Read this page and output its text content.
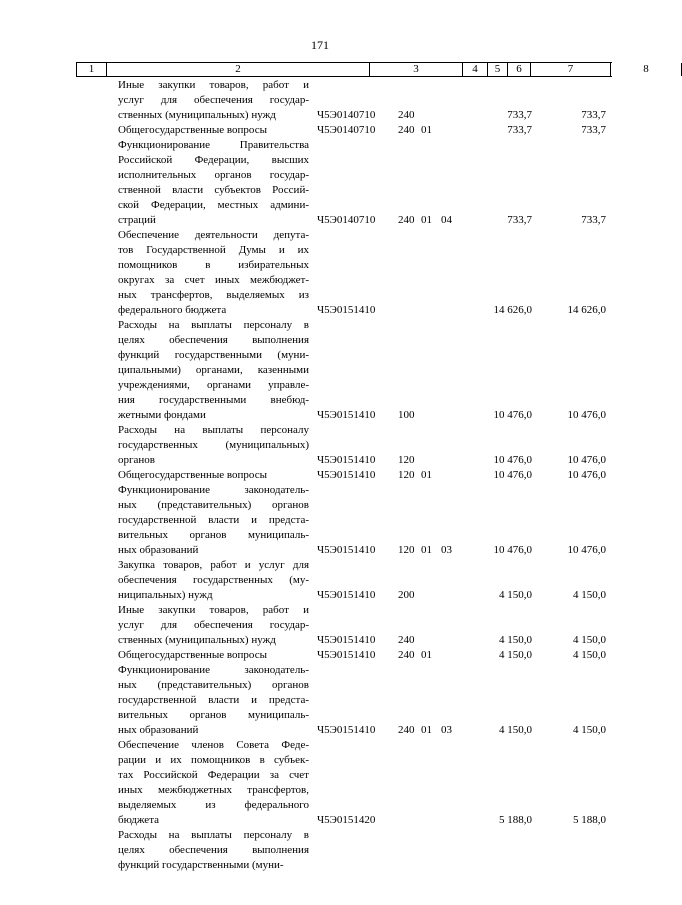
171
1	2	3	4	5	6	7	8
Иные закупки товаров, работ и
услуг для обеспечения государ-
ственных (муниципальных) нужд	Ч5Э0140710 240	733,7	733,7
Общегосударственные вопросы	Ч5Э0140710 240 01	733,7	733,7
Функционирование Правительства
Российской Федерации, высших
исполнительных органов государ-
ственной власти субъектов Россий-
ской Федерации, местных админи-
страций	Ч5Э0140710 240 01 04	733,7	733,7
Обеспечение деятельности депута-
тов Государственной Думы и их
помощников в избирательных
округах за счет иных межбюджет-
ных трансфертов, выделяемых из
федерального бюджета	Ч5Э0151410	14 626,0	14 626,0
Расходы на выплаты персоналу в
целях обеспечения выполнения
функций государственными (муни-
ципальными) органами, казенными
учреждениями, органами управле-
ния государственными внебюд-
жетными фондами	Ч5Э0151410 100	10 476,0	10 476,0
Расходы на выплаты персоналу
государственных (муниципальных)
органов	Ч5Э0151410 120	10 476,0	10 476,0
Общегосударственные вопросы	Ч5Э0151410 120 01	10 476,0	10 476,0
Функционирование законодатель-
ных (представительных) органов
государственной власти и предста-
вительных органов муниципаль-
ных образований	Ч5Э0151410 120 01 03	10 476,0	10 476,0
Закупка товаров, работ и услуг для
обеспечения государственных (му-
ниципальных) нужд	Ч5Э0151410 200	4 150,0	4 150,0
Иные закупки товаров, работ и
услуг для обеспечения государ-
ственных (муниципальных) нужд	Ч5Э0151410 240	4 150,0	4 150,0
Общегосударственные вопросы	Ч5Э0151410 240 01	4 150,0	4 150,0
Функционирование законодатель-
ных (представительных) органов
государственной власти и предста-
вительных органов муниципаль-
ных образований	Ч5Э0151410 240 01 03	4 150,0	4 150,0
Обеспечение членов Совета Феде-
рации и их помощников в субъек-
тах Российской Федерации за счет
иных межбюджетных трансфертов,
выделяемых из федерального
бюджета	Ч5Э0151420	5 188,0	5 188,0
Расходы на выплаты персоналу в
целях обеспечения выполнения
функций государственными (муни-
